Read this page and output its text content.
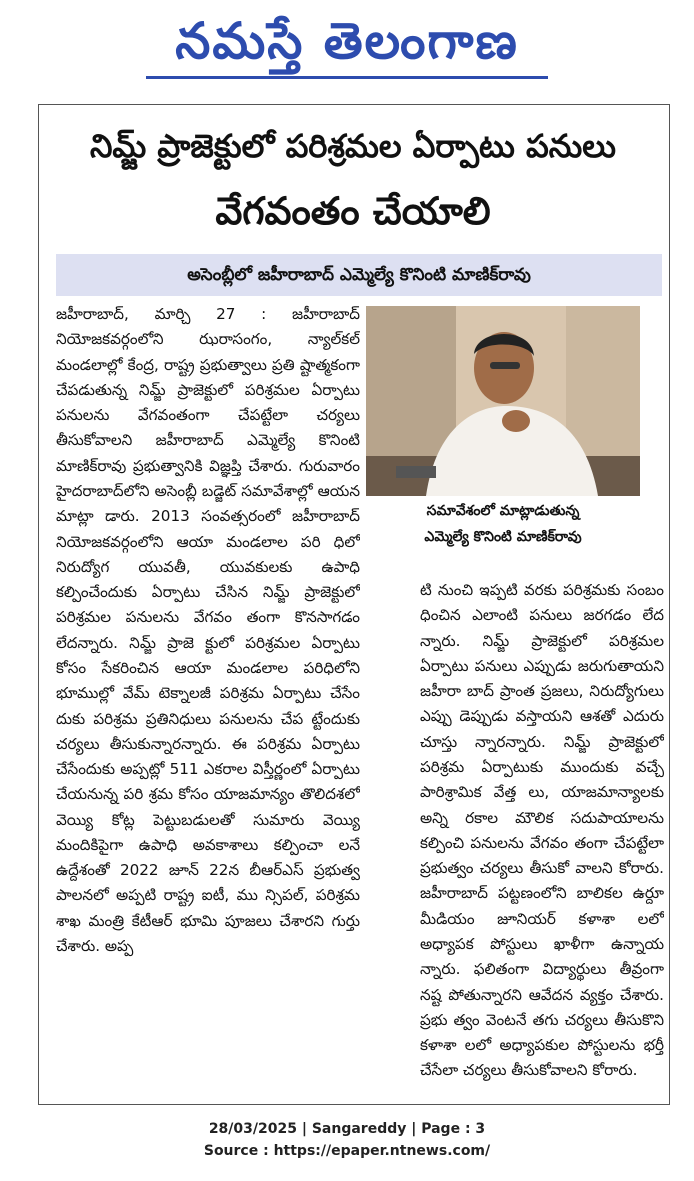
నమస్తే తెలంగాణ
నిమ్జ్ ప్రాజెక్టులో పరిశ్రమల ఏర్పాటు పనులు
వేగవంతం చేయాలి
అసెంబ్లీలో జహీరాబాద్ ఎమ్మెల్యే కొనింటి మాణిక్‌రావు
జహీరాబాద్, మార్చి 27 : జహీరాబాద్ నియోజకవర్గంలోని ఝరాసంగం, న్యాల్‌కల్ మండలాల్లో కేంద్ర, రాష్ట్ర ప్రభుత్వాలు ప్రతి ష్టాత్మకంగా చేపడుతున్న నిమ్జ్ ప్రాజెక్టులో పరిశ్రమల ఏర్పాటు పనులను వేగవంతంగా చేపట్టేలా చర్యలు తీసుకోవాలని జహీరాబాద్ ఎమ్మెల్యే కొనింటి మాణిక్‌రావు ప్రభుత్వానికి విజ్ఞప్తి చేశారు. గురువారం హైదరాబాద్‌లోని అసెంబ్లీ బడ్జెట్ సమావేశాల్లో ఆయన మాట్లా డారు. 2013 సంవత్సరంలో జహీరాబాద్ నియోజకవర్గంలోని ఆయా మండలాల పరి ధిలో నిరుద్యోగ యువతీ, యువకులకు ఉపాధి కల్పించేందుకు ఏర్పాటు చేసిన నిమ్జ్ ప్రాజెక్టులో పరిశ్రమల పనులను వేగవం తంగా కొనసాగడం లేదన్నారు. నిమ్జ్ ప్రాజె క్టులో పరిశ్రమల ఏర్పాటు కోసం సేకరించిన ఆయా మండలాల పరిధిలోని భూముల్లో వేమ్ టెక్నాలజీ పరిశ్రమ ఏర్పాటు చేసేం దుకు పరిశ్రమ ప్రతినిధులు పనులను చేప ట్టేందుకు చర్యలు తీసుకున్నారన్నారు. ఈ పరిశ్రమ ఏర్పాటు చేసేందుకు అప్పట్లో 511 ఎకరాల విస్తీర్ణంలో ఏర్పాటు చేయనున్న పరి శ్రమ కోసం యాజమాన్యం తొలిదశలో వెయ్యి కోట్ల పెట్టుబడులతో సుమారు వెయ్యి మందికిపైగా ఉపాధి అవకాశాలు కల్పించా లనే ఉద్దేశంతో 2022 జూన్ 22న బీఆర్‌ఎస్ ప్రభుత్వ పాలనలో అప్పటి రాష్ట్ర ఐటీ, ము న్సిపల్, పరిశ్రమ శాఖ మంత్రి కేటీఆర్ భూమి పూజలు చేశారని గుర్తు చేశారు. అప్ప
సమావేశంలో మాట్లాడుతున్న
ఎమ్మెల్యే కొనింటి మాణిక్‌రావు
టి నుంచి ఇప్పటి వరకు పరిశ్రమకు సంబం ధించిన ఎలాంటి పనులు జరగడం లేద న్నారు. నిమ్జ్ ప్రాజెక్టులో పరిశ్రమల ఏర్పాటు పనులు ఎప్పుడు జరుగుతాయని జహీరా బాద్ ప్రాంత ప్రజలు, నిరుద్యోగులు ఎప్పు డెప్పుడు వస్తాయని ఆశతో ఎదురు చూస్తు న్నారన్నారు. నిమ్జ్ ప్రాజెక్టులో పరిశ్రమ ఏర్పాటుకు ముందుకు వచ్చే పారిశ్రామిక వేత్త లు, యాజమాన్యాలకు అన్ని రకాల మౌలిక సదుపాయాలను కల్పించి పనులను వేగవం తంగా చేపట్టేలా ప్రభుత్వం చర్యలు తీసుకో వాలని కోరారు. జహీరాబాద్ పట్టణంలోని బాలికల ఉర్దూ మీడియం జూనియర్ కళాశా లలో అధ్యాపక పోస్టులు ఖాళీగా ఉన్నాయ న్నారు. ఫలితంగా విద్యార్థులు తీవ్రంగా నష్ట పోతున్నారని ఆవేదన వ్యక్తం చేశారు. ప్రభు త్వం వెంటనే తగు చర్యలు తీసుకొని కళాశా లలో అధ్యాపకుల పోస్టులను భర్తీ చేసేలా చర్యలు తీసుకోవాలని కోరారు.
28/03/2025 | Sangareddy | Page : 3
Source : https://epaper.ntnews.com/
